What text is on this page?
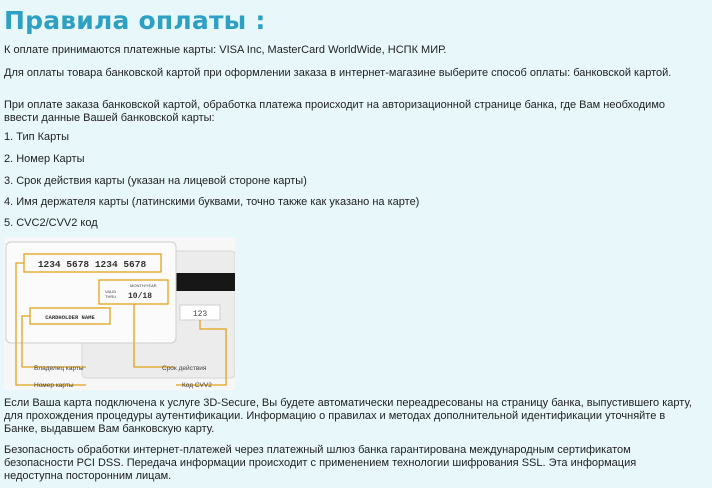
Правила оплаты :

К оплате принимаются платежные карты: VISA Inc, MasterCard WorldWide, НСПК МИР.

Для оплаты товара банковской картой при оформлении заказа в интернет-магазине выберите способ оплаты: банковской картой.

При оплате заказа банковской картой, обработка платежа происходит на авторизационной странице банка, где Вам необходимо ввести данные Вашей банковской карты:

1. Тип Карты
2. Номер Карты
3. Срок действия карты (указан на лицевой стороне карты)
4. Имя держателя карты (латинскими буквами, точно также как указано на карте)
5. CVC2/CVV2 код
123
1234 5678 1234 5678
MONTH/YEAR
VALID
THRU 10/18
CARDHOLDER NAME
Владелец карты	Срок действия
Номер карты	Код CVV2

Если Ваша карта подключена к услуге 3D-Secure, Вы будете автоматически переадресованы на страницу банка, выпустившего карту, для прохождения процедуры аутентификации. Информацию о правилах и методах дополнительной идентификации уточняйте в Банке, выдавшем Вам банковскую карту.

Безопасность обработки интернет-платежей через платежный шлюз банка гарантирована международным сертификатом безопасности PCI DSS. Передача информации происходит с применением технологии шифрования SSL. Эта информация недоступна посторонним лицам.
